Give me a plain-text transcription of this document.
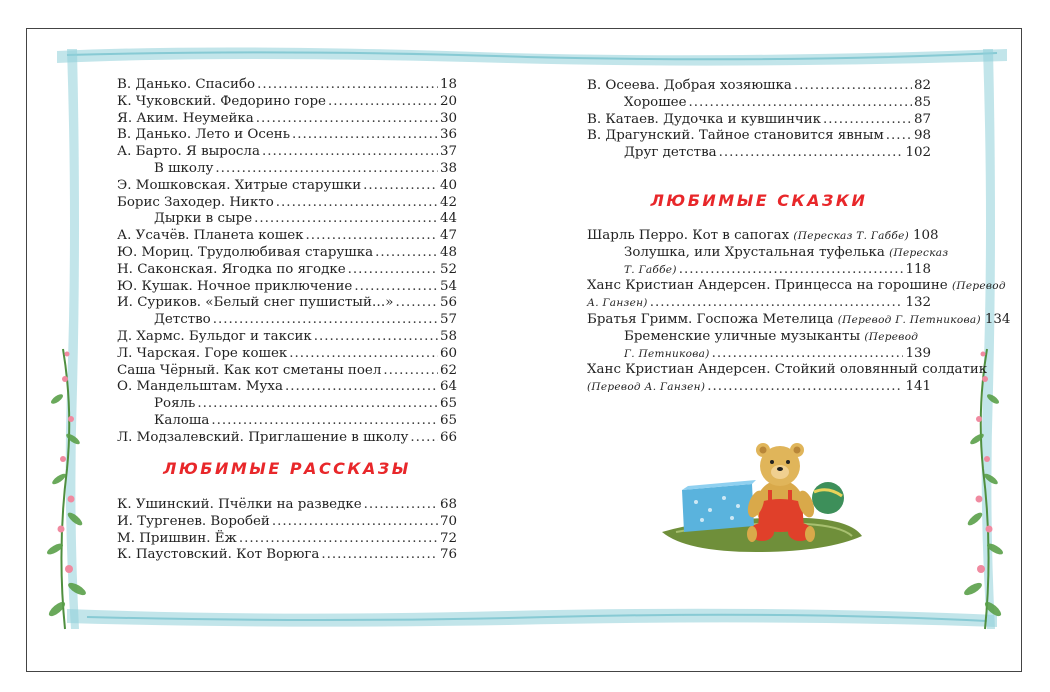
В. Данько. Спасибо .....	18
К. Чуковский. Федорино горе .....	20
Я. Аким. Неумейка .....	30
В. Данько. Лето и Осень .....	36
А. Барто. Я выросла .....	37
В школу .....	38
Э. Мошковская. Хитрые старушки .....	40
Борис Заходер. Никто .....	42
Дырки в сыре .....	44
А. Усачёв. Планета кошек .....	47
Ю. Мориц. Трудолюбивая старушка .....	48
Н. Саконская. Ягодка по ягодке .....	52
Ю. Кушак. Ночное приключение .....	54
И. Суриков. «Белый снег пушистый…» .....	56
Детство .....	57
Д. Хармс. Бульдог и таксик .....	58
Л. Чарская. Горе кошек .....	60
Саша Чёрный. Как кот сметаны поел .....	62
О. Мандельштам. Муха .....	64
Рояль .....	65
Калоша .....	65
Л. Модзалевский. Приглашение в школу ..... 66
ЛЮБИМЫЕ РАССКАЗЫ
К. Ушинский. Пчёлки на разведке .....	68
И. Тургенев. Воробей .....	70
М. Пришвин. Ёж .....	72
К. Паустовский. Кот Ворюга .....	76
В. Осеева. Добрая хозяюшка .....	82
Хорошее .....	85
В. Катаев. Дудочка и кувшинчик .....	87
В. Драгунский. Тайное становится явным ..... 98
Друг детства .....	102
ЛЮБИМЫЕ СКАЗКИ
Шарль Перро. Кот в сапогах (Пересказ Т. Габбе) 108
Золушка, или Хрустальная туфелька (Пересказ
Т. Габбе) .....	118
Ханс Кристиан Андерсен. Принцесса на горошине (Перевод
А. Ганзен) .....	132
Братья Гримм. Госпожа Метелица (Перевод Г. Петникова) 134
Бременские уличные музыканты (Перевод
Г. Петникова) .....	139
Ханс Кристиан Андерсен. Стойкий оловянный солдатик
(Перевод А. Ганзен) .....	141
